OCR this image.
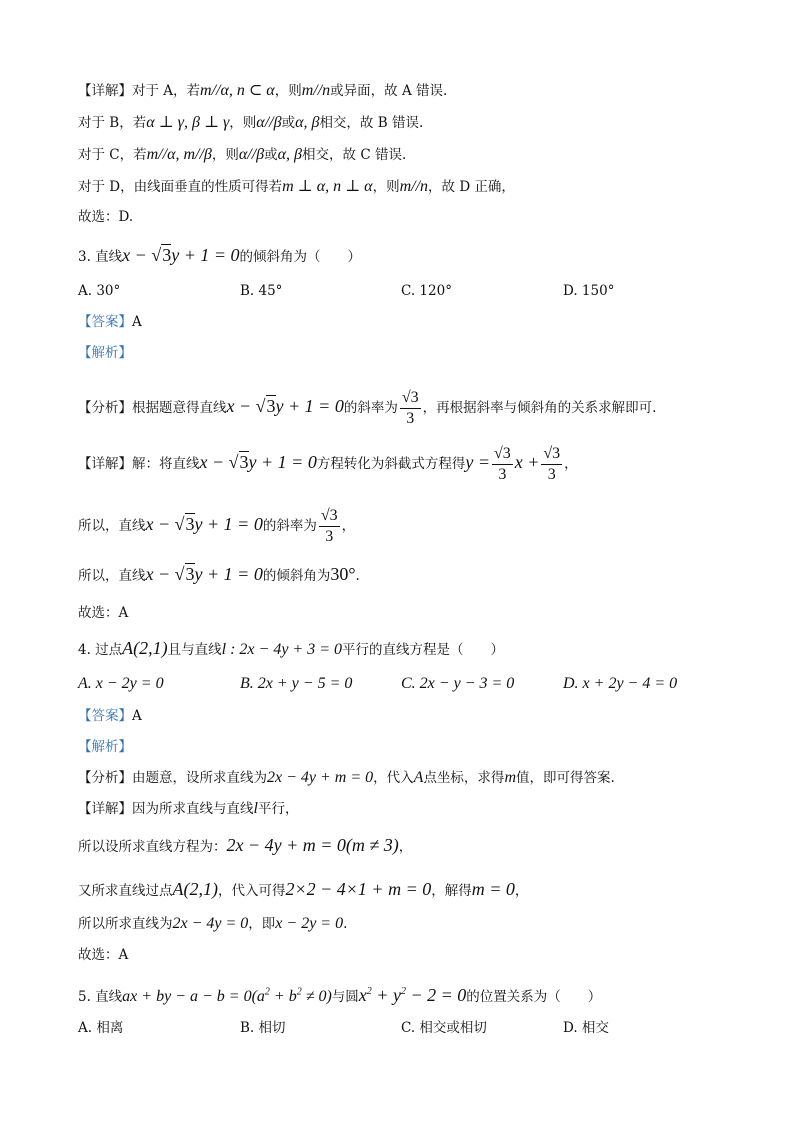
【详解】对于 A，若m//α, n ⊂ α，则m//n或异面，故 A 错误.
对于 B，若α ⊥ γ, β ⊥ γ，则α//β或α, β相交，故 B 错误.
对于 C，若m//α, m//β，则α//β或α, β相交，故 C 错误.
对于 D，由线面垂直的性质可得若m ⊥ α, n ⊥ α，则m//n，故 D 正确，
故选：D.
3. 直线x − √3y + 1 = 0的倾斜角为（　　）
A. 30°	B. 45°	C. 120°	D. 150°
【答案】A
【解析】
【分析】根据题意得直线x − √3y + 1 = 0的斜率为 $\frac{√3}{3}$ ，再根据斜率与倾斜角的关系求解即可.
【详解】解：将直线x − √3y + 1 = 0方程转化为斜截式方程得$y = \frac{√3}{3}$ $x + \frac{√3}{3}$ ，
所以，直线x − √3y + 1 = 0的斜率为 $\frac{√3}{3}$ ，
所以，直线x − √3y + 1 = 0的倾斜角为30°.
故选：A
4. 过点A(2,1)且与直线l : 2x − 4y + 3 = 0平行的直线方程是（　　）
A. x − 2y = 0	B. 2x + y − 5 = 0	C. 2x − y − 3 = 0	D. x + 2y − 4 = 0
【答案】A
【解析】
【分析】由题意，设所求直线为2x − 4y + m = 0，代入A点坐标，求得m值，即可得答案.
【详解】因为所求直线与直线l平行，
所以设所求直线方程为：2x − 4y + m = 0(m ≠ 3)，
又所求直线过点A(2,1)，代入可得2×2 − 4×1 + m = 0，解得m = 0，
所以所求直线为2x − 4y = 0，即x − 2y = 0.
故选：A
5. 直线ax + by − $a - b = 0(a^2 + b^2 \ne 0)$与圆$x^2 + y^2 - 2 = 0$的位置关系为（　　）
A. 相离	B. 相切	C. 相交或相切	D. 相交
